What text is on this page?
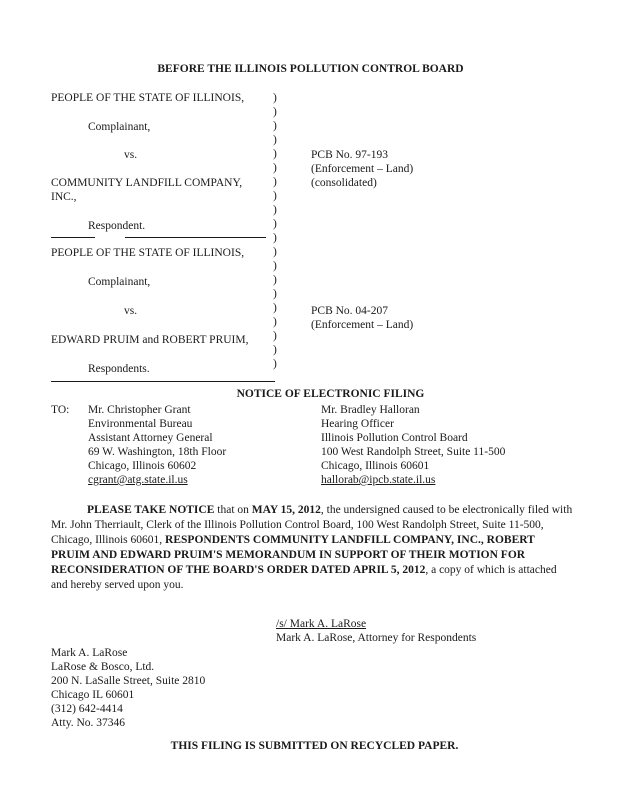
BEFORE THE ILLINOIS POLLUTION CONTROL BOARD
PEOPLE OF THE STATE OF ILLINOIS,
Complainant,
vs.
COMMUNITY LANDFILL COMPANY,
INC.,
Respondent.
PCB No. 97-193
(Enforcement – Land)
(consolidated)
PEOPLE OF THE STATE OF ILLINOIS,
Complainant,
vs.
EDWARD PRUIM and ROBERT PRUIM,
Respondents.
PCB No. 04-207
(Enforcement – Land)
)
)
)
)
)
)
)
)
)
)
)
)
)
)
)
)
)
)
)
)
NOTICE OF ELECTRONIC FILING
TO: Mr. Christopher Grant
Environmental Bureau
Assistant Attorney General
69 W. Washington, 18th Floor
Chicago, Illinois 60602
cgrant@atg.state.il.us
Mr. Bradley Halloran
Hearing Officer
Illinois Pollution Control Board
100 West Randolph Street, Suite 11-500
Chicago, Illinois 60601
hallorab@ipcb.state.il.us
PLEASE TAKE NOTICE that on MAY 15, 2012, the undersigned caused to be electronically filed with Mr. John Therriault, Clerk of the Illinois Pollution Control Board, 100 West Randolph Street, Suite 11-500, Chicago, Illinois 60601, RESPONDENTS COMMUNITY LANDFILL COMPANY, INC., ROBERT PRUIM AND EDWARD PRUIM'S MEMORANDUM IN SUPPORT OF THEIR MOTION FOR RECONSIDERATION OF THE BOARD'S ORDER DATED APRIL 5, 2012, a copy of which is attached and hereby served upon you.
/s/ Mark A. LaRose
Mark A. LaRose, Attorney for Respondents
Mark A. LaRose
LaRose & Bosco, Ltd.
200 N. LaSalle Street, Suite 2810
Chicago IL 60601
(312) 642-4414
Atty. No. 37346
THIS FILING IS SUBMITTED ON RECYCLED PAPER.
